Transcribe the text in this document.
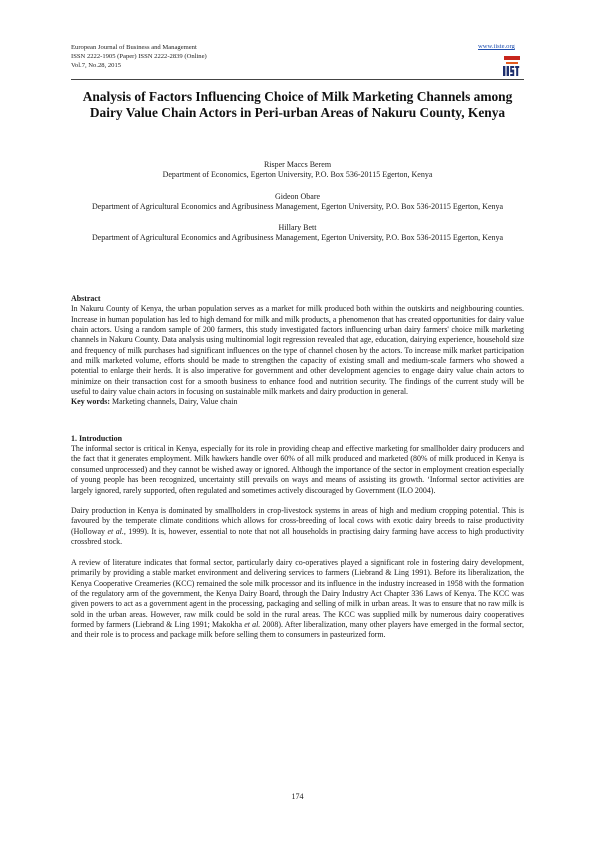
European Journal of Business and Management
ISSN 2222-1905 (Paper) ISSN 2222-2839 (Online)
Vol.7, No.28, 2015
www.iiste.org
Analysis of Factors Influencing Choice of Milk Marketing Channels among Dairy Value Chain Actors in Peri-urban Areas of Nakuru County, Kenya

Risper Maccs Berem

Department of Economics, Egerton University, P.O. Box 536-20115 Egerton, Kenya

Gideon Obare

Department of Agricultural Economics and Agribusiness Management, Egerton University, P.O. Box 536-20115 Egerton, Kenya

Hillary Bett

Department of Agricultural Economics and Agribusiness Management, Egerton University, P.O. Box 536-20115 Egerton, Kenya

Abstract

In Nakuru County of Kenya, the urban population serves as a market for milk produced both within the outskirts and neighbouring counties. Increase in human population has led to high demand for milk and milk products, a phenomenon that has created opportunities for dairy value chain actors. Using a random sample of 200 farmers, this study investigated factors influencing urban dairy farmers' choice milk marketing channels in Nakuru County. Data analysis using multinomial logit regression revealed that age, education, dairying experience, household size and frequency of milk purchases had significant influences on the type of channel chosen by the actors. To increase milk market participation and milk marketed volume, efforts should be made to strengthen the capacity of existing small and medium-scale farmers who showed a potential to enlarge their herds. It is also imperative for government and other development agencies to engage dairy value chain actors to minimize on their transaction cost for a smooth business to enhance food and nutrition security. The findings of the current study will be useful to dairy value chain actors in focusing on sustainable milk markets and dairy production in general.

Key words: Marketing channels, Dairy, Value chain

1. Introduction

The informal sector is critical in Kenya, especially for its role in providing cheap and effective marketing for smallholder dairy producers and the fact that it generates employment. Milk hawkers handle over 60% of all milk produced and marketed (80% of milk produced in Kenya is consumed unprocessed) and they cannot be wished away or ignored. Although the importance of the sector in employment creation especially of young people has been recognized, uncertainty still prevails on ways and means of assisting its growth. ‘Informal sector activities are largely ignored, rarely supported, often regulated and sometimes actively discouraged by Government (ILO 2004).

Dairy production in Kenya is dominated by smallholders in crop-livestock systems in areas of high and medium cropping potential. This is favoured by the temperate climate conditions which allows for cross-breeding of local cows with exotic dairy breeds to raise productivity (Holloway et al., 1999). It is, however, essential to note that not all households in practising dairy farming have access to high productivity crossbred stock.

A review of literature indicates that formal sector, particularly dairy co-operatives played a significant role in fostering dairy development, primarily by providing a stable market environment and delivering services to farmers (Liebrand & Ling 1991). Before its liberalization, the Kenya Cooperative Creameries (KCC) remained the sole milk processor and its influence in the industry increased in 1958 with the formation of the regulatory arm of the government, the Kenya Dairy Board, through the Dairy Industry Act Chapter 336 Laws of Kenya. The KCC was given powers to act as a government agent in the processing, packaging and selling of milk in urban areas. It was to ensure that no raw milk is sold in the urban areas. However, raw milk could be sold in the rural areas. The KCC was supplied milk by numerous dairy cooperatives formed by farmers (Liebrand & Ling 1991; Makokha et al. 2008). After liberalization, many other players have emerged in the formal sector, and their role is to process and package milk before selling them to consumers in pasteurized form.

174
